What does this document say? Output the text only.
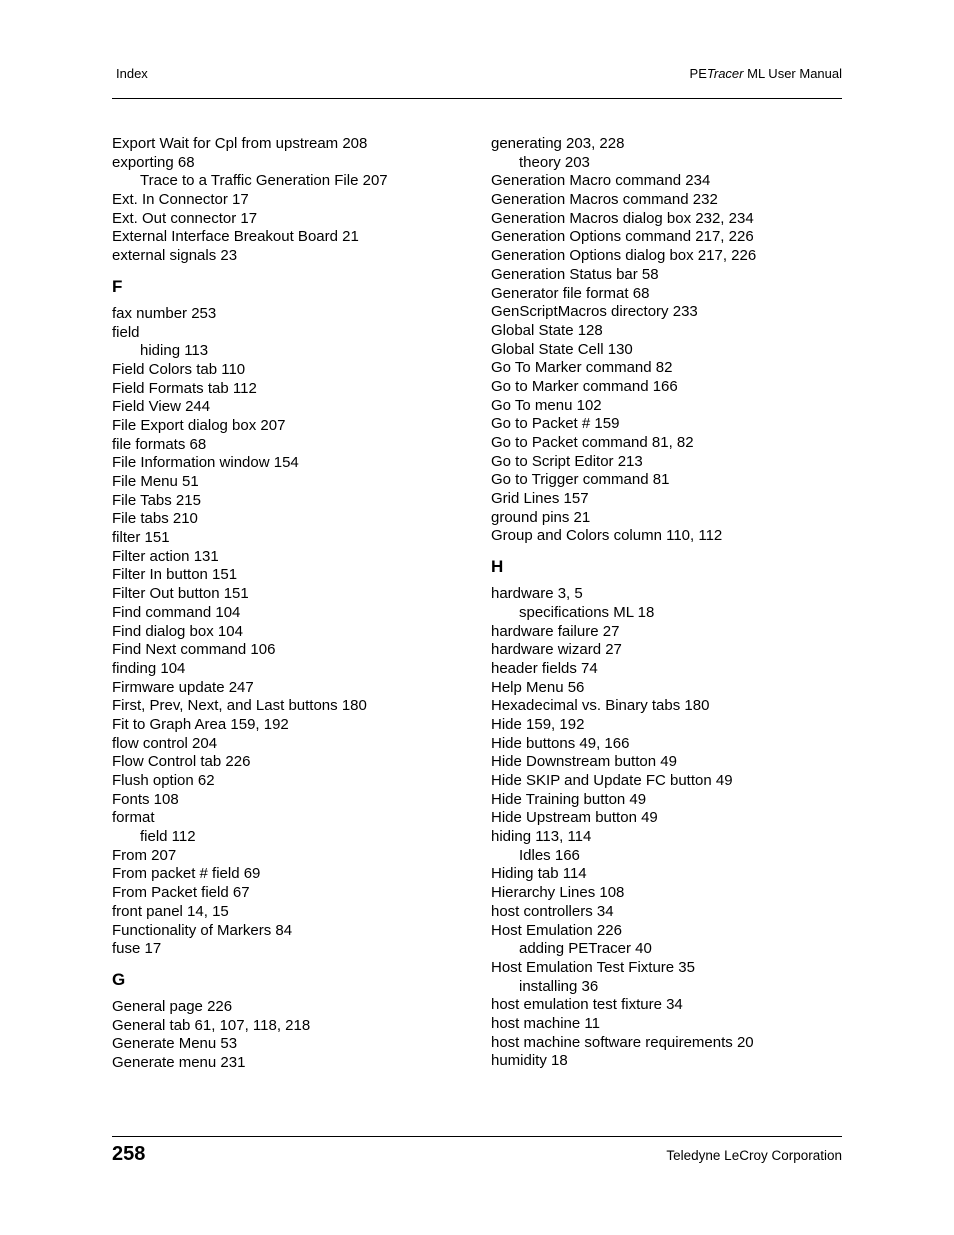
Index	PETracer ML User Manual
Export Wait for Cpl from upstream 208
exporting 68
Trace to a Traffic Generation File 207
Ext. In Connector 17
Ext. Out connector 17
External Interface Breakout Board 21
external signals 23
F
fax number 253
field
hiding 113
Field Colors tab 110
Field Formats tab 112
Field View 244
File Export dialog box 207
file formats 68
File Information window 154
File Menu 51
File Tabs 215
File tabs 210
filter 151
Filter action 131
Filter In button 151
Filter Out button 151
Find command 104
Find dialog box 104
Find Next command 106
finding 104
Firmware update 247
First, Prev, Next, and Last buttons 180
Fit to Graph Area 159, 192
flow control 204
Flow Control tab 226
Flush option 62
Fonts 108
format
field 112
From 207
From packet # field 69
From Packet field 67
front panel 14, 15
Functionality of Markers 84
fuse 17
G
General page 226
General tab 61, 107, 118, 218
Generate Menu 53
Generate menu 231
generating 203, 228
theory 203
Generation Macro command 234
Generation Macros command 232
Generation Macros dialog box 232, 234
Generation Options command 217, 226
Generation Options dialog box 217, 226
Generation Status bar 58
Generator file format 68
GenScriptMacros directory 233
Global State 128
Global State Cell 130
Go To Marker command 82
Go to Marker command 166
Go To menu 102
Go to Packet # 159
Go to Packet command 81, 82
Go to Script Editor 213
Go to Trigger command 81
Grid Lines 157
ground pins 21
Group and Colors column 110, 112
H
hardware 3, 5
specifications ML 18
hardware failure 27
hardware wizard 27
header fields 74
Help Menu 56
Hexadecimal vs. Binary tabs 180
Hide 159, 192
Hide buttons 49, 166
Hide Downstream button 49
Hide SKIP and Update FC button 49
Hide Training button 49
Hide Upstream button 49
hiding 113, 114
Idles 166
Hiding tab 114
Hierarchy Lines 108
host controllers 34
Host Emulation 226
adding PETracer 40
Host Emulation Test Fixture 35
installing 36
host emulation test fixture 34
host machine 11
host machine software requirements 20
humidity 18
258	Teledyne LeCroy Corporation
